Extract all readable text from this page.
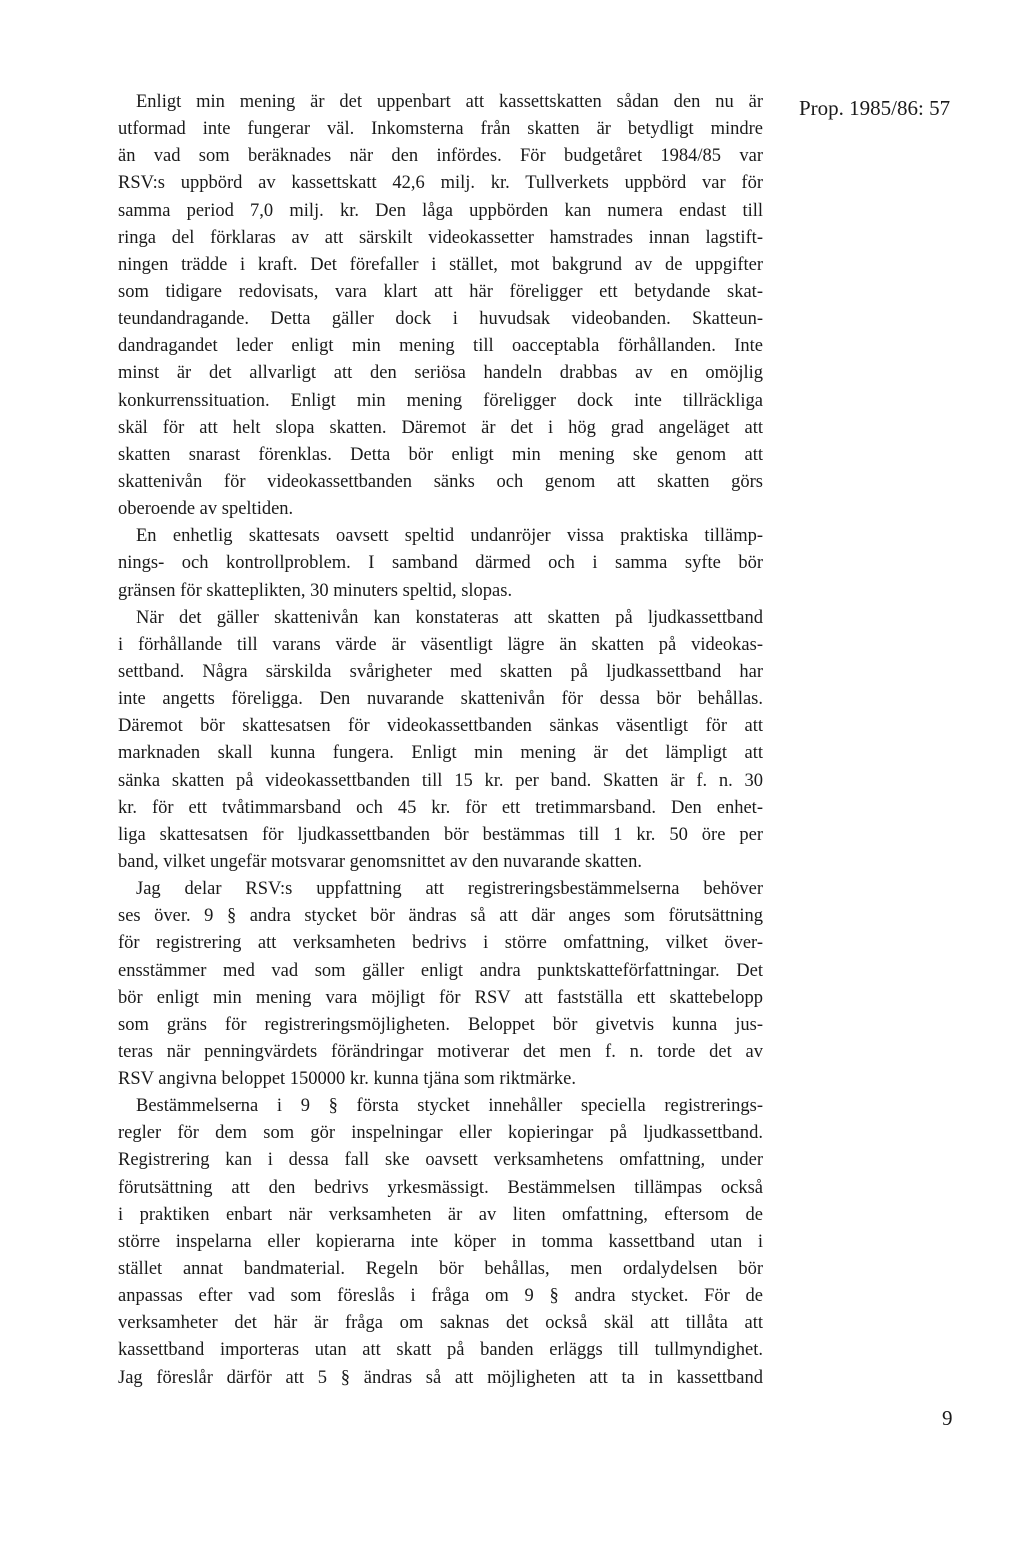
Prop. 1985/86: 57
Enligt min mening är det uppenbart att kassettskatten sådan den nu är
utformad inte fungerar väl. Inkomsterna från skatten är betydligt mindre
än vad som beräknades när den infördes. För budgetåret 1984/85 var
RSV:s uppbörd av kassettskatt 42,6 milj. kr. Tullverkets uppbörd var för
samma period 7,0 milj. kr. Den låga uppbörden kan numera endast till
ringa del förklaras av att särskilt videokassetter hamstrades innan lagstift-
ningen trädde i kraft. Det förefaller i stället, mot bakgrund av de uppgifter
som tidigare redovisats, vara klart att här föreligger ett betydande skat-
teundandragande. Detta gäller dock i huvudsak videobanden. Skatteun-
dandragandet leder enligt min mening till oacceptabla förhållanden. Inte
minst är det allvarligt att den seriösa handeln drabbas av en omöjlig
konkurrenssituation. Enligt min mening föreligger dock inte tillräckliga
skäl för att helt slopa skatten. Däremot är det i hög grad angeläget att
skatten snarast förenklas. Detta bör enligt min mening ske genom att
skattenivån för videokassettbanden sänks och genom att skatten görs
oberoende av speltiden.
En enhetlig skattesats oavsett speltid undanröjer vissa praktiska tillämp-
nings- och kontrollproblem. I samband därmed och i samma syfte bör
gränsen för skatteplikten, 30 minuters speltid, slopas.
När det gäller skattenivån kan konstateras att skatten på ljudkassettband
i förhållande till varans värde är väsentligt lägre än skatten på videokas-
settband. Några särskilda svårigheter med skatten på ljudkassettband har
inte angetts föreligga. Den nuvarande skattenivån för dessa bör behållas.
Däremot bör skattesatsen för videokassettbanden sänkas väsentligt för att
marknaden skall kunna fungera. Enligt min mening är det lämpligt att
sänka skatten på videokassettbanden till 15 kr. per band. Skatten är f. n. 30
kr. för ett tvåtimmarsband och 45 kr. för ett tretimmarsband. Den enhet-
liga skattesatsen för ljudkassettbanden bör bestämmas till 1 kr. 50 öre per
band, vilket ungefär motsvarar genomsnittet av den nuvarande skatten.
Jag delar RSV:s uppfattning att registreringsbestämmelserna behöver
ses över. 9 § andra stycket bör ändras så att där anges som förutsättning
för registrering att verksamheten bedrivs i större omfattning, vilket över-
ensstämmer med vad som gäller enligt andra punktskatteförfattningar. Det
bör enligt min mening vara möjligt för RSV att fastställa ett skattebelopp
som gräns för registreringsmöjligheten. Beloppet bör givetvis kunna jus-
teras när penningvärdets förändringar motiverar det men f. n. torde det av
RSV angivna beloppet 150000 kr. kunna tjäna som riktmärke.
Bestämmelserna i 9 § första stycket innehåller speciella registrerings-
regler för dem som gör inspelningar eller kopieringar på ljudkassettband.
Registrering kan i dessa fall ske oavsett verksamhetens omfattning, under
förutsättning att den bedrivs yrkesmässigt. Bestämmelsen tillämpas också
i praktiken enbart när verksamheten är av liten omfattning, eftersom de
större inspelarna eller kopierarna inte köper in tomma kassettband utan i
stället annat bandmaterial. Regeln bör behållas, men ordalydelsen bör
anpassas efter vad som föreslås i fråga om 9 § andra stycket. För de
verksamheter det här är fråga om saknas det också skäl att tillåta att
kassettband importeras utan att skatt på banden erläggs till tullmyndighet.
Jag föreslår därför att 5 § ändras så att möjligheten att ta in kassettband
9
